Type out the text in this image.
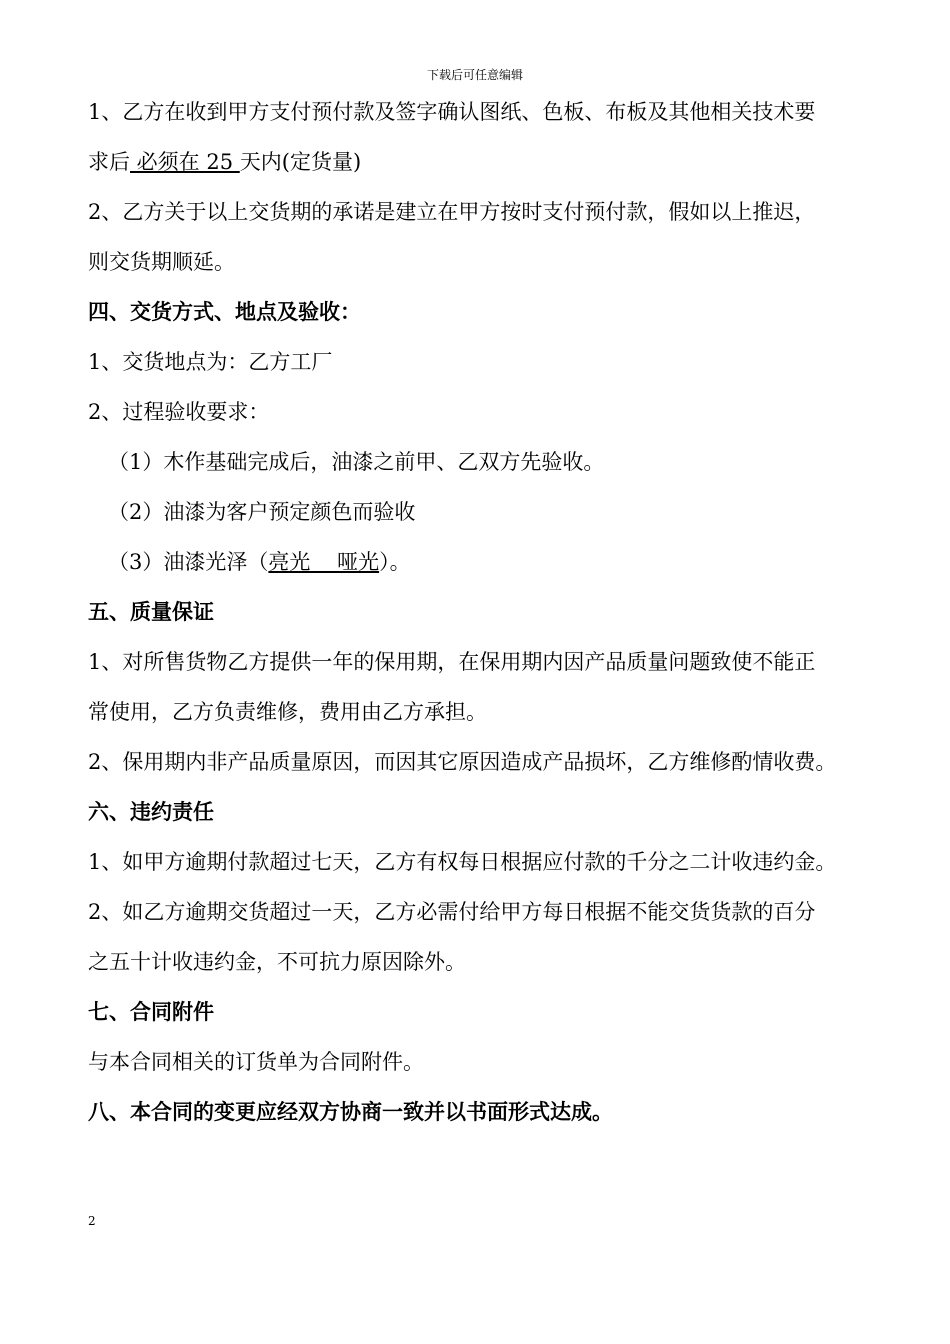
下载后可任意编辑
1、乙方在收到甲方支付预付款及签字确认图纸、色板、布板及其他相关技术要
求后 必须在 25 天内(定货量)
2、乙方关于以上交货期的承诺是建立在甲方按时支付预付款，假如以上推迟，
则交货期顺延。
四、交货方式、地点及验收：
1、交货地点为：乙方工厂
2、过程验收要求：
（1）木作基础完成后，油漆之前甲、乙双方先验收。
（2）油漆为客户预定颜色而验收
（3）油漆光泽（亮光    哑光）。
五、质量保证
1、对所售货物乙方提供一年的保用期，在保用期内因产品质量问题致使不能正
常使用，乙方负责维修，费用由乙方承担。
2、保用期内非产品质量原因，而因其它原因造成产品损坏，乙方维修酌情收费。
六、违约责任
1、如甲方逾期付款超过七天，乙方有权每日根据应付款的千分之二计收违约金。
2、如乙方逾期交货超过一天，乙方必需付给甲方每日根据不能交货货款的百分
之五十计收违约金，不可抗力原因除外。
七、合同附件
与本合同相关的订货单为合同附件。
八、本合同的变更应经双方协商一致并以书面形式达成。
2
